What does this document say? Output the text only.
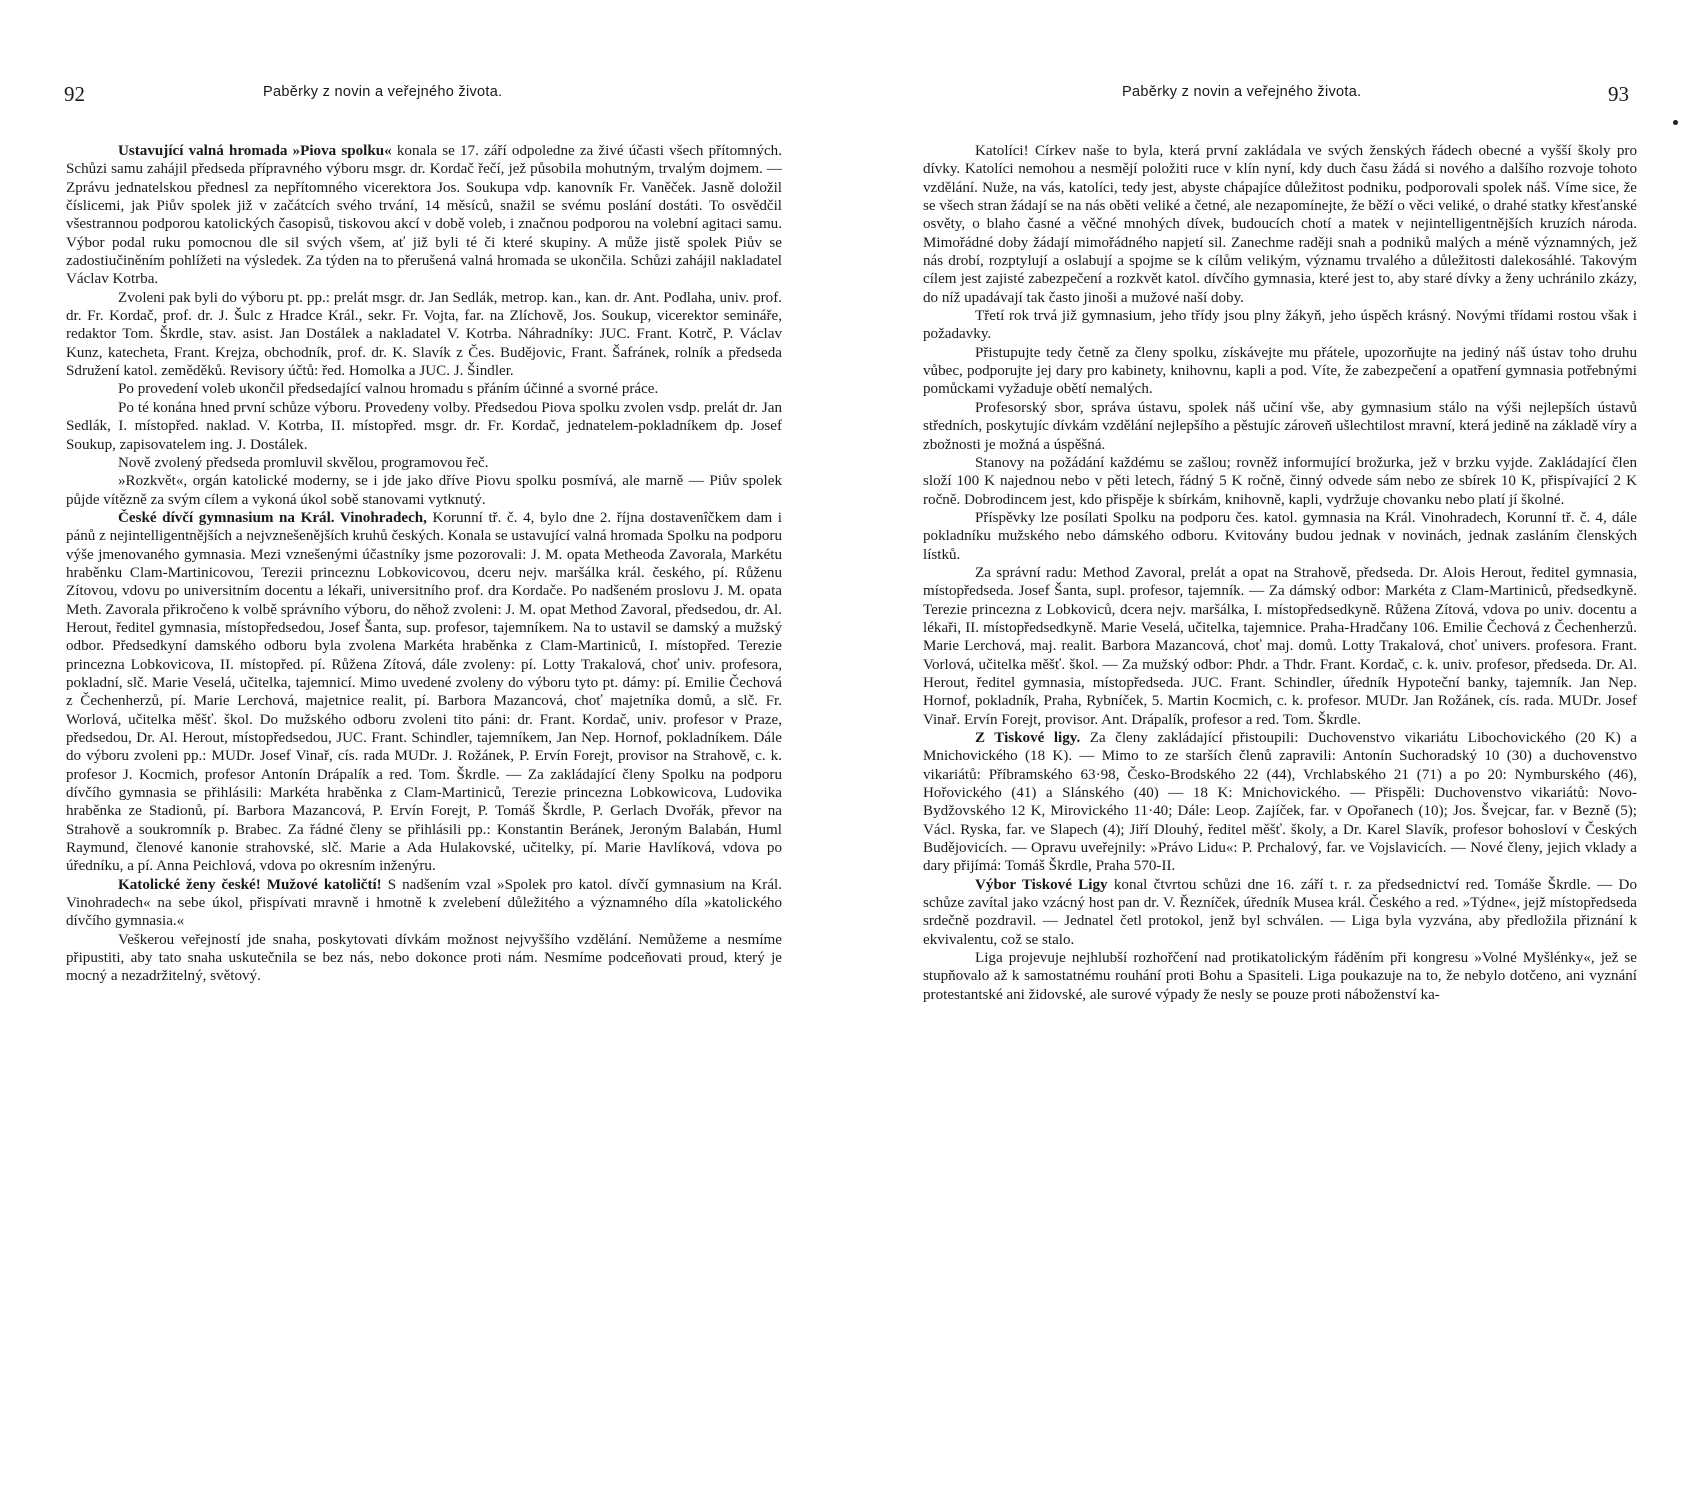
92	Paběrky z novin a veřejného života.

Ustavující valná hromada »Piova spolku« konala se 17. září odpoledne za živé účasti všech přítomných. Schůzi samu zahájil předseda přípravného výboru msgr. dr. Kordač řečí, jež působila mohutným, trvalým dojmem. — Zprávu jednatelskou přednesl za nepřítomného vicerektora Jos. Soukupa vdp. kanovník Fr. Vaněček. Jasně doložil číslicemi, jak Piův spolek již v začátcích svého trvání, 14 měsíců, snažil se svému poslání dostáti. To osvědčil všestrannou podporou katolických časopisů, tiskovou akcí v době voleb, i značnou podporou na volební agitaci samu. Výbor podal ruku pomocnou dle sil svých všem, ať již byli té či které skupiny. A může jistě spolek Piův se zadostiučiněním pohlížeti na výsledek. Za týden na to přerušená valná hromada se ukončila. Schůzi zahájil nakladatel Václav Kotrba.

Zvoleni pak byli do výboru pt. pp.: prelát msgr. dr. Jan Sedlák, metrop. kan., kan. dr. Ant. Podlaha, univ. prof. dr. Fr. Kordač, prof. dr. J. Šulc z Hradce Král., sekr. Fr. Vojta, far. na Zlíchově, Jos. Soukup, vicerektor semináře, redaktor Tom. Škrdle, stav. asist. Jan Dostálek a nakladatel V. Kotrba. Náhradníky: JUC. Frant. Kotrč, P. Václav Kunz, katecheta, Frant. Krejza, obchodník, prof. dr. K. Slavík z Čes. Budějovic, Frant. Šafránek, rolník a předseda Sdružení katol. zeměděků. Revisory účtů: řed. Homolka a JUC. J. Šindler.

Po provedení voleb ukončil předsedající valnou hromadu s přáním účinné a svorné práce.

Po té konána hned první schůze výboru. Provedeny volby. Předsedou Piova spolku zvolen vsdp. prelát dr. Jan Sedlák, I. místopřed. naklad. V. Kotrba, II. místopřed. msgr. dr. Fr. Kordač, jednatelem-pokladníkem dp. Josef Soukup, zapisovatelem ing. J. Dostálek.

Nově zvolený předseda promluvil skvělou, programovou řeč.

»Rozkvět«, orgán katolické moderny, se i jde jako dříve Piovu spolku posmívá, ale marně — Piův spolek půjde vítězně za svým cílem a vykoná úkol sobě stanovami vytknutý.

České dívčí gymnasium na Král. Vinohradech, Korunní tř. č. 4, bylo dne 2. října dostavenîčkem dam i pánů z nejintelligentnějších a nejvznešenějších kruhů českých. Konala se ustavující valná hromada Spolku na podporu výše jmenovaného gymnasia. Mezi vznešenými účastníky jsme pozorovali: J. M. opata Metheoda Zavorala, Markétu hraběnku Clam-Martinicovou, Terezii princeznu Lobkovicovou, dceru nejv. maršálka král. českého, pí. Růženu Zítovou, vdovu po universitním docentu a lékaři, universitního prof. dra Kordače. Po nadšeném proslovu J. M. opata Meth. Zavorala přikročeno k volbě správního výboru, do něhož zvoleni: J. M. opat Method Zavoral, předsedou, dr. Al. Herout, ředitel gymnasia, místopředsedou, Josef Šanta, sup. profesor, tajemníkem. Na to ustavil se damský a mužský odbor. Předsedkyní damského odboru byla zvolena Markéta hraběnka z Clam-Martiniců, I. místopřed. Terezie princezna Lobkovicova, II. místopřed. pí. Růžena Zítová, dále zvoleny: pí. Lotty Trakalová, choť univ. profesora, pokladní, slč. Marie Veselá, učitelka, tajemnicí. Mimo uvedené zvoleny do výboru tyto pt. dámy: pí. Emilie Čechová z Čechenherzů, pí. Marie Lerchová, majetnice realit, pí. Barbora Mazancová, choť majetníka domů, a slč. Fr. Worlová, učitelka měšť. škol. Do mužského odboru zvoleni tito páni: dr. Frant. Kordač, univ. profesor v Praze, předsedou, Dr. Al. Herout, místopředsedou, JUC. Frant. Schindler, tajemníkem, Jan Nep. Hornof, pokladníkem. Dále do výboru zvoleni pp.: MUDr. Josef Vinař, cís. rada MUDr. J. Rožánek, P. Ervín Forejt, provisor na Strahově, c. k. profesor J. Kocmich, profesor Antonín Drápalík a red. Tom. Škrdle. — Za zakládající členy Spolku na podporu dívčího gymnasia se přihlásili: Markéta hraběnka z Clam-Martiniců, Terezie princezna Lobkowicova, Ludovika hraběnka ze Stadionů, pí. Barbora Mazancová, P. Ervín Forejt, P. Tomáš Škrdle, P. Gerlach Dvořák, převor na Strahově a soukromník p. Brabec. Za řádné členy se přihlásili pp.: Konstantin Beránek, Jeroným Balabán, Huml Raymund, členové kanonie strahovské, slč. Marie a Ada Hulakovské, učitelky, pí. Marie Havlíková, vdova po úředníku, a pí. Anna Peichlová, vdova po okresním inženýru.

Katolické ženy české! Mužové katoličtí! S nadšením vzal »Spolek pro katol. dívčí gymnasium na Král. Vinohradech« na sebe úkol, přispívati mravně i hmotně k zvelebení důležitého a významného díla »katolického dívčího gymnasia.«

Veškerou veřejností jde snaha, poskytovati dívkám možnost nejvyššího vzdělání. Nemůžeme a nesmíme připustiti, aby tato snaha uskutečnila se bez nás, nebo dokonce proti nám. Nesmíme podceňovati proud, který je mocný a nezadržitelný, světový.

Paběrky z novin a veřejného života.	93

Katolíci! Církev naše to byla, která první zakládala ve svých ženských řádech obecné a vyšší školy pro dívky. Katolíci nemohou a nesmějí položiti ruce v klín nyní, kdy duch času žádá si nového a dalšího rozvoje tohoto vzdělání. Nuže, na vás, katolíci, tedy jest, abyste chápajíce důležitost podniku, podporovali spolek náš. Víme sice, že se všech stran žádají se na nás oběti veliké a četné, ale nezapomínejte, že běží o věci veliké, o drahé statky křesťanské osvěty, o blaho časné a věčné mnohých dívek, budoucích chotí a matek v nejintelligentnějších kruzích národa. Mimořádné doby žádají mimořádného napjetí sil. Zanechme raději snah a podniků malých a méně významných, jež nás drobí, rozptylují a oslabují a spojme se k cílům velikým, významu trvalého a důležitosti dalekosáhlé. Takovým cílem jest zajisté zabezpečení a rozkvět katol. dívčího gymnasia, které jest to, aby staré dívky a ženy uchránilo zkázy, do níž upadávají tak často jinoši a mužové naší doby.

Třetí rok trvá již gymnasium, jeho třídy jsou plny žákyň, jeho úspěch krásný. Novými třídami rostou však i požadavky.

Přistupujte tedy četně za členy spolku, získávejte mu přátele, upozorňujte na jediný náš ústav toho druhu vůbec, podporujte jej dary pro kabinety, knihovnu, kapli a pod. Víte, že zabezpečení a opatření gymnasia potřebnými pomůckami vyžaduje obětí nemalých.

Profesorský sbor, správa ústavu, spolek náš učiní vše, aby gymnasium stálo na výši nejlepších ústavů středních, poskytujíc dívkám vzdělání nejlepšího a pěstujíc zároveň ušlechtilost mravní, která jedině na základě víry a zbožnosti je možná a úspěšná.

Stanovy na požádání každému se zašlou; rovněž informující brožurka, jež v brzku vyjde. Zakládající člen složí 100 K najednou nebo v pěti letech, řádný 5 K ročně, činný odvede sám nebo ze sbírek 10 K, přispívající 2 K ročně. Dobrodincem jest, kdo přispěje k sbírkám, knihovně, kapli, vydržuje chovanku nebo platí jí školné.

Příspěvky lze posílati Spolku na podporu čes. katol. gymnasia na Král. Vinohradech, Korunní tř. č. 4, dále pokladníku mužského nebo dámského odboru. Kvitovány budou jednak v novinách, jednak zasláním členských lístků.

Za správní radu: Method Zavoral, prelát a opat na Strahově, předseda. Dr. Alois Herout, ředitel gymnasia, místopředseda. Josef Šanta, supl. profesor, tajemník. — Za dámský odbor: Markéta z Clam-Martiniců, předsedkyně. Terezie princezna z Lobkoviců, dcera nejv. maršálka, I. místopředsedkyně. Růžena Zítová, vdova po univ. docentu a lékaři, II. místopředsedkyně. Marie Veselá, učitelka, tajemnice. Praha-Hradčany 106. Emilie Čechová z Čechenherzů. Marie Lerchová, maj. realit. Barbora Mazancová, choť maj. domů. Lotty Trakalová, choť univers. profesora. Frant. Vorlová, učitelka měšť. škol. — Za mužský odbor: Phdr. a Thdr. Frant. Kordač, c. k. univ. profesor, předseda. Dr. Al. Herout, ředitel gymnasia, místopředseda. JUC. Frant. Schindler, úředník Hypoteční banky, tajemník. Jan Nep. Hornof, pokladník, Praha, Rybníček, 5. Martin Kocmich, c. k. profesor. MUDr. Jan Rožánek, cís. rada. MUDr. Josef Vinař. Ervín Forejt, provisor. Ant. Drápalík, profesor a red. Tom. Škrdle.

Z Tiskové ligy. Za členy zakládající přistoupili: Duchovenstvo vikariátu Libochovického (20 K) a Mnichovického (18 K). — Mimo to ze starších členů zapravili: Antonín Suchoradský 10 (30) a duchovenstvo vikariátů: Příbramského 63·98, Česko-Brodského 22 (44), Vrchlabského 21 (71) a po 20: Nymburského (46), Hořovického (41) a Slánského (40) — 18 K: Mnichovického. — Přispěli: Duchovenstvo vikariátů: Novo-Bydžovského 12 K, Mirovického 11·40; Dále: Leop. Zajíček, far. v Opořanech (10); Jos. Švejcar, far. v Bezně (5); Václ. Ryska, far. ve Slapech (4); Jiří Dlouhý, ředitel měšť. školy, a Dr. Karel Slavík, profesor bohosloví v Českých Budějovicích. — Opravu uveřejnily: »Právo Lidu«: P. Prchalový, far. ve Vojslavicích. — Nové členy, jejich vklady a dary přijímá: Tomáš Škrdle, Praha 570-II.

Výbor Tiskové Ligy konal čtvrtou schůzi dne 16. září t. r. za předsednictví red. Tomáše Škrdle. — Do schůze zavítal jako vzácný host pan dr. V. Řezníček, úředník Musea král. Českého a red. »Týdne«, jejž místopředseda srdečně pozdravil. — Jednatel četl protokol, jenž byl schválen. — Liga byla vyzvána, aby předložila přiznání k ekvivalentu, což se stalo.

Liga projevuje nejhlubší rozhořčení nad protikatolickým řáděním při kongresu »Volné Myšlénky«, jež se stupňovalo až k samostatnému rouhání proti Bohu a Spasiteli. Liga poukazuje na to, že nebylo dotčeno, ani vyznání protestantské ani židovské, ale surové výpady že nesly se pouze proti náboženství ka-
